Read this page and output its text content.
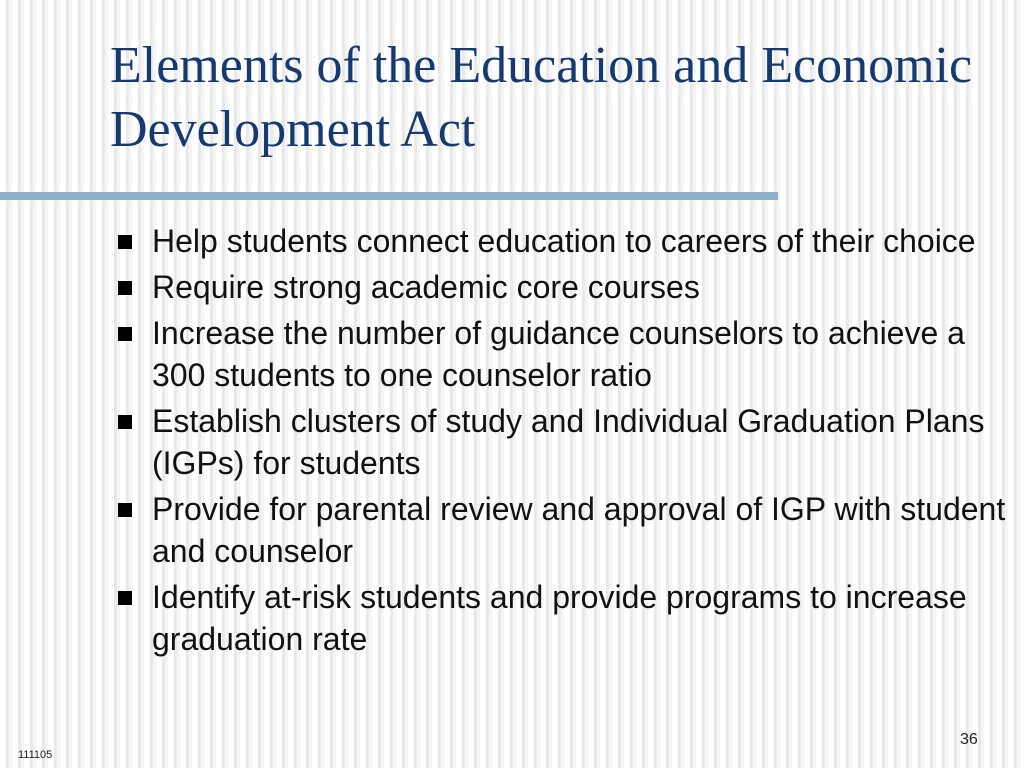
Elements of the Education and Economic Development Act
Help students connect education to careers of their choice
Require strong academic core courses
Increase the number of guidance counselors to achieve a 300 students to one counselor ratio
Establish clusters of study and Individual Graduation Plans (IGPs) for students
Provide for parental review and approval of IGP with student and counselor
Identify at-risk students and provide programs to increase graduation rate
111105
36
